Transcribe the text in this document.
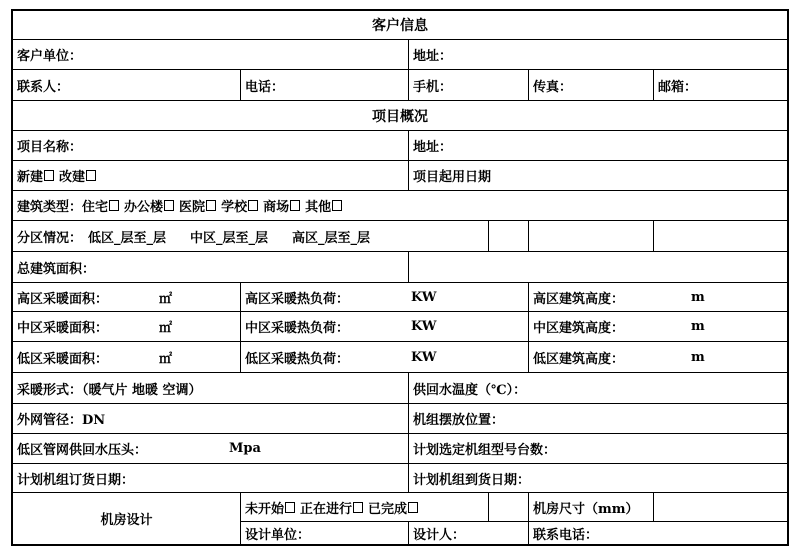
客户信息
客户单位：	地址：
联系人：	电话：	手机：	传真：	邮箱：
项目概况
项目名称：	地址：
新建 改建	项目起用日期
建筑类型： 住宅 办公楼 医院 学校 商场 其他
分区情况： 低区_层至_层 中区_层至_层 高区_层至_层
总建筑面积：
高区采暖面积：	㎡	高区采暖热负荷：	KW	高区建筑高度：	m
中区采暖面积：	㎡	中区采暖热负荷：	KW	中区建筑高度：	m
低区采暖面积：	㎡	低区采暖热负荷：	KW	低区建筑高度：	m
采暖形式：（暖气片 地暖 空调）	供回水温度（℃）：
外网管径：DN	机组摆放位置：
低区管网供回水压头：	Mpa	计划选定机组型号台数：
计划机组订货日期：	计划机组到货日期：
机房设计
未开始 正在进行 已完成	机房尺寸（mm）
设计单位：	设计人：	联系电话：
